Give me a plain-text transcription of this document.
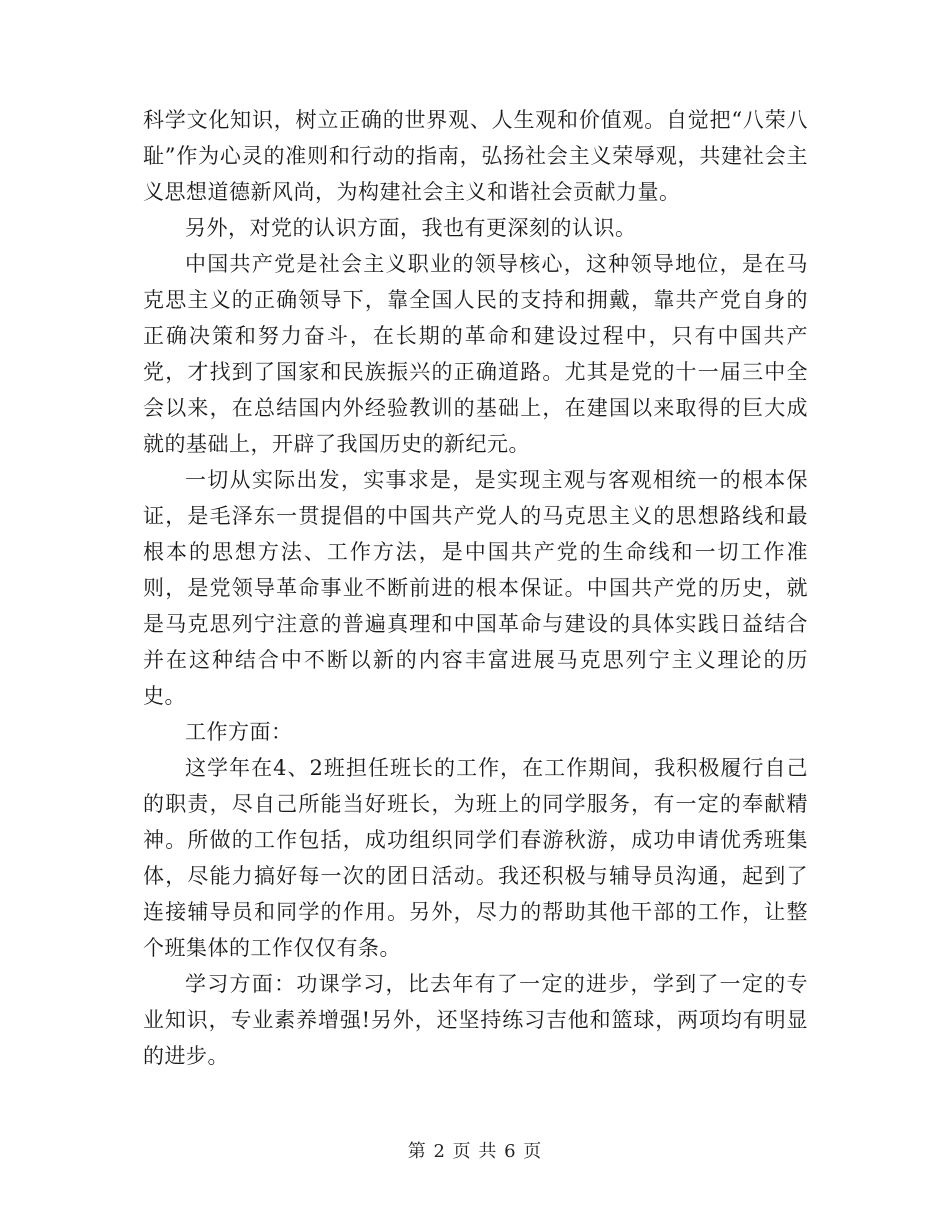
科学文化知识，树立正确的世界观、人生观和价值观。自觉把“八荣八耻”作为心灵的准则和行动的指南，弘扬社会主义荣辱观，共建社会主义思想道德新风尚，为构建社会主义和谐社会贡献力量。

另外，对党的认识方面，我也有更深刻的认识。

中国共产党是社会主义职业的领导核心，这种领导地位，是在马克思主义的正确领导下，靠全国人民的支持和拥戴，靠共产党自身的正确决策和努力奋斗，在长期的革命和建设过程中，只有中国共产党，才找到了国家和民族振兴的正确道路。尤其是党的十一届三中全会以来，在总结国内外经验教训的基础上，在建国以来取得的巨大成就的基础上，开辟了我国历史的新纪元。

一切从实际出发，实事求是，是实现主观与客观相统一的根本保证，是毛泽东一贯提倡的中国共产党人的马克思主义的思想路线和最根本的思想方法、工作方法，是中国共产党的生命线和一切工作准则，是党领导革命事业不断前进的根本保证。中国共产党的历史，就是马克思列宁注意的普遍真理和中国革命与建设的具体实践日益结合并在这种结合中不断以新的内容丰富进展马克思列宁主义理论的历史。

工作方面：

这学年在4、2班担任班长的工作，在工作期间，我积极履行自己的职责，尽自己所能当好班长，为班上的同学服务，有一定的奉献精神。所做的工作包括，成功组织同学们春游秋游，成功申请优秀班集体，尽能力搞好每一次的团日活动。我还积极与辅导员沟通，起到了连接辅导员和同学的作用。另外，尽力的帮助其他干部的工作，让整个班集体的工作仅仅有条。

学习方面：功课学习，比去年有了一定的进步，学到了一定的专业知识，专业素养增强!另外，还坚持练习吉他和篮球，两项均有明显的进步。

第 2 页 共 6 页
